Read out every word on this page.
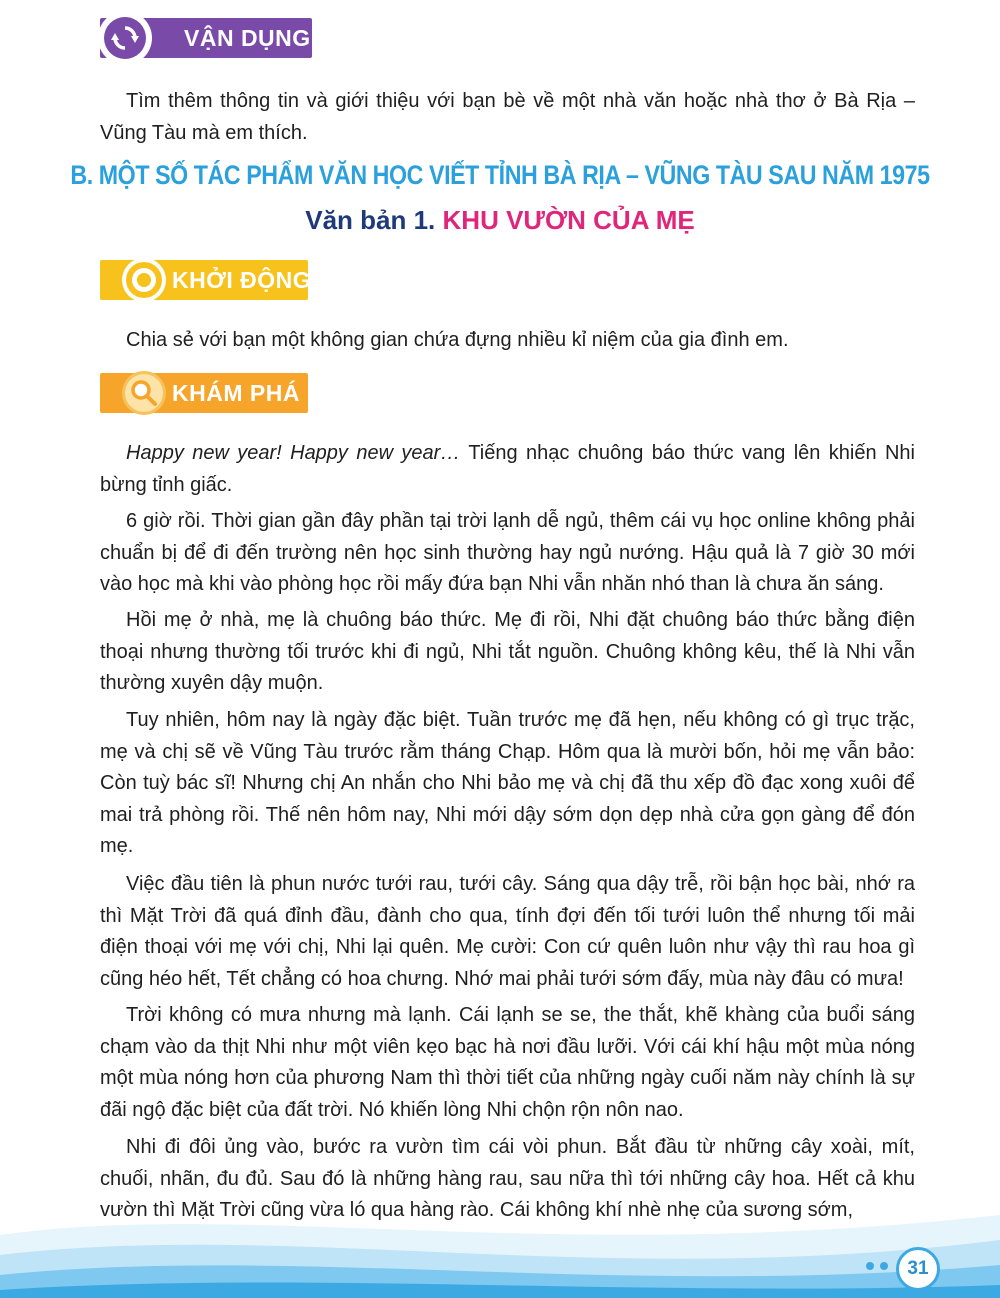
VẬN DỤNG

Tìm thêm thông tin và giới thiệu với bạn bè về một nhà văn hoặc nhà thơ ở Bà Rịa – Vũng Tàu mà em thích.

B. MỘT SỐ TÁC PHẨM VĂN HỌC VIẾT TỈNH BÀ RỊA – VŨNG TÀU SAU NĂM 1975
Văn bản 1. KHU VƯỜN CỦA MẸ
KHỞI ĐỘNG

Chia sẻ với bạn một không gian chứa đựng nhiều kỉ niệm của gia đình em.

KHÁM PHÁ

Happy new year! Happy new year… Tiếng nhạc chuông báo thức vang lên khiến Nhi bừng tỉnh giấc.

6 giờ rồi. Thời gian gần đây phần tại trời lạnh dễ ngủ, thêm cái vụ học online không phải chuẩn bị để đi đến trường nên học sinh thường hay ngủ nướng. Hậu quả là 7 giờ 30 mới vào học mà khi vào phòng học rồi mấy đứa bạn Nhi vẫn nhăn nhó than là chưa ăn sáng.

Hồi mẹ ở nhà, mẹ là chuông báo thức. Mẹ đi rồi, Nhi đặt chuông báo thức bằng điện thoại nhưng thường tối trước khi đi ngủ, Nhi tắt nguồn. Chuông không kêu, thế là Nhi vẫn thường xuyên dậy muộn.

Tuy nhiên, hôm nay là ngày đặc biệt. Tuần trước mẹ đã hẹn, nếu không có gì trục trặc, mẹ và chị sẽ về Vũng Tàu trước rằm tháng Chạp. Hôm qua là mười bốn, hỏi mẹ vẫn bảo: Còn tuỳ bác sĩ! Nhưng chị An nhắn cho Nhi bảo mẹ và chị đã thu xếp đồ đạc xong xuôi để mai trả phòng rồi. Thế nên hôm nay, Nhi mới dậy sớm dọn dẹp nhà cửa gọn gàng để đón mẹ.

Việc đầu tiên là phun nước tưới rau, tưới cây. Sáng qua dậy trễ, rồi bận học bài, nhớ ra thì Mặt Trời đã quá đỉnh đầu, đành cho qua, tính đợi đến tối tưới luôn thể nhưng tối mải điện thoại với mẹ với chị, Nhi lại quên. Mẹ cười: Con cứ quên luôn như vậy thì rau hoa gì cũng héo hết, Tết chẳng có hoa chưng. Nhớ mai phải tưới sớm đấy, mùa này đâu có mưa!

Trời không có mưa nhưng mà lạnh. Cái lạnh se se, the thắt, khẽ khàng của buổi sáng chạm vào da thịt Nhi như một viên kẹo bạc hà nơi đầu lưỡi. Với cái khí hậu một mùa nóng một mùa nóng hơn của phương Nam thì thời tiết của những ngày cuối năm này chính là sự đãi ngộ đặc biệt của đất trời. Nó khiến lòng Nhi chộn rộn nôn nao.

Nhi đi đôi ủng vào, bước ra vườn tìm cái vòi phun. Bắt đầu từ những cây xoài, mít, chuối, nhãn, đu đủ. Sau đó là những hàng rau, sau nữa thì tới những cây hoa. Hết cả khu vườn thì Mặt Trời cũng vừa ló qua hàng rào. Cái không khí nhè nhẹ của sương sớm,

31
